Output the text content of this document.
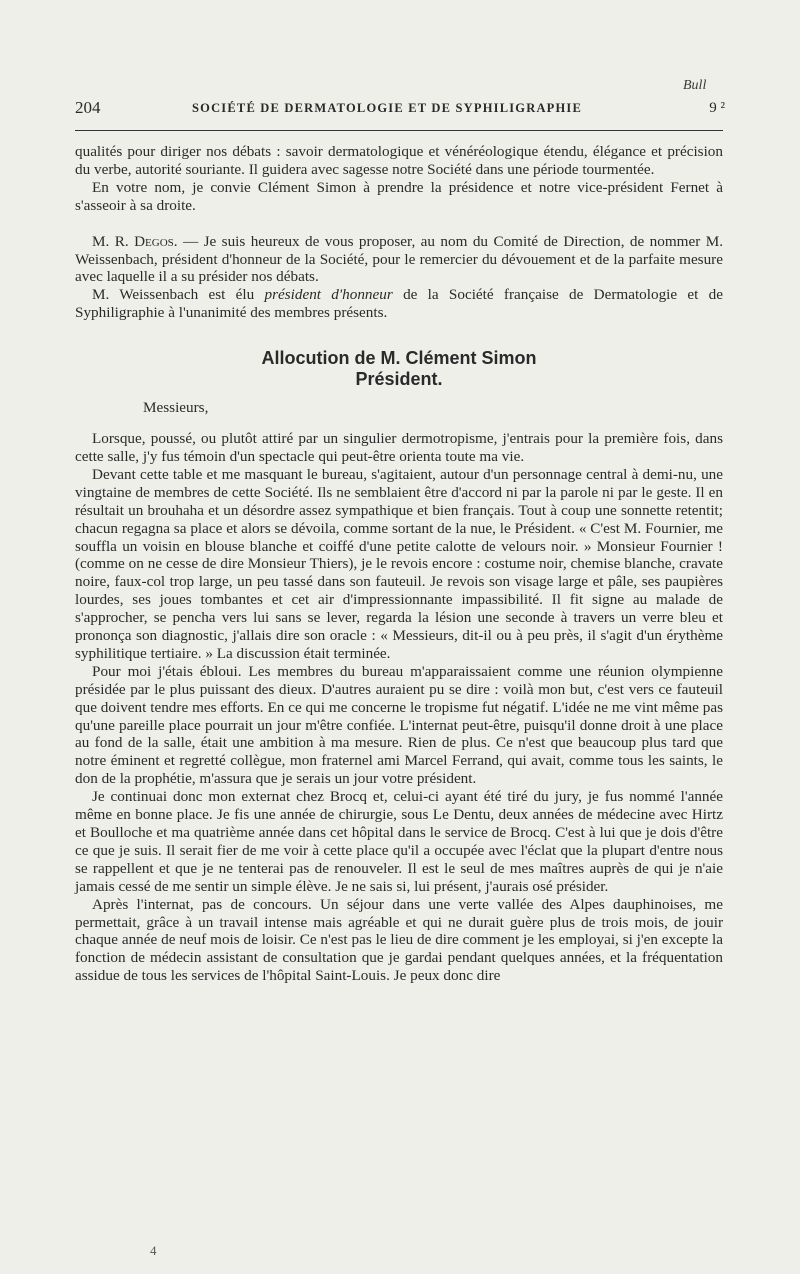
Bull
204	SOCIÉTÉ DE DERMATOLOGIE ET DE SYPHILIGRAPHIE	9 ²

qualités pour diriger nos débats : savoir dermatologique et vénéréologique étendu, élégance et précision du verbe, autorité souriante. Il guidera avec sagesse notre Société dans une période tourmentée.

En votre nom, je convie Clément Simon à prendre la présidence et notre vice-président Fernet à s'asseoir à sa droite.

M. R. Degos. — Je suis heureux de vous proposer, au nom du Comité de Direction, de nommer M. Weissenbach, président d'honneur de la Société, pour le remercier du dévouement et de la parfaite mesure avec laquelle il a su présider nos débats.

M. Weissenbach est élu président d'honneur de la Société française de Dermatologie et de Syphiligraphie à l'unanimité des membres présents.

Allocution de M. Clément Simon
Président.

Messieurs,

Lorsque, poussé, ou plutôt attiré par un singulier dermotropisme, j'entrais pour la première fois, dans cette salle, j'y fus témoin d'un spectacle qui peut-être orienta toute ma vie.

Devant cette table et me masquant le bureau, s'agitaient, autour d'un personnage central à demi-nu, une vingtaine de membres de cette Société. Ils ne semblaient être d'accord ni par la parole ni par le geste. Il en résultait un brouhaha et un désordre assez sympathique et bien français. Tout à coup une sonnette retentit; chacun regagna sa place et alors se dévoila, comme sortant de la nue, le Président. « C'est M. Fournier, me souffla un voisin en blouse blanche et coiffé d'une petite calotte de velours noir. » Monsieur Fournier ! (comme on ne cesse de dire Monsieur Thiers), je le revois encore : costume noir, chemise blanche, cravate noire, faux-col trop large, un peu tassé dans son fauteuil. Je revois son visage large et pâle, ses paupières lourdes, ses joues tombantes et cet air d'impressionnante impassibilité. Il fit signe au malade de s'approcher, se pencha vers lui sans se lever, regarda la lésion une seconde à travers un verre bleu et prononça son diagnostic, j'allais dire son oracle : « Messieurs, dit-il ou à peu près, il s'agit d'un érythème syphilitique tertiaire. » La discussion était terminée.

Pour moi j'étais ébloui. Les membres du bureau m'apparaissaient comme une réunion olympienne présidée par le plus puissant des dieux. D'autres auraient pu se dire : voilà mon but, c'est vers ce fauteuil que doivent tendre mes efforts. En ce qui me concerne le tropisme fut négatif. L'idée ne me vint même pas qu'une pareille place pourrait un jour m'être confiée. L'internat peut-être, puisqu'il donne droit à une place au fond de la salle, était une ambition à ma mesure. Rien de plus. Ce n'est que beaucoup plus tard que notre éminent et regretté collègue, mon fraternel ami Marcel Ferrand, qui avait, comme tous les saints, le don de la prophétie, m'assura que je serais un jour votre président.

Je continuai donc mon externat chez Brocq et, celui-ci ayant été tiré du jury, je fus nommé l'année même en bonne place. Je fis une année de chirurgie, sous Le Dentu, deux années de médecine avec Hirtz et Boulloche et ma quatrième année dans cet hôpital dans le service de Brocq. C'est à lui que je dois d'être ce que je suis. Il serait fier de me voir à cette place qu'il a occupée avec l'éclat que la plupart d'entre nous se rappellent et que je ne tenterai pas de renouveler. Il est le seul de mes maîtres auprès de qui je n'aie jamais cessé de me sentir un simple élève. Je ne sais si, lui présent, j'aurais osé présider.

Après l'internat, pas de concours. Un séjour dans une verte vallée des Alpes dauphinoises, me permettait, grâce à un travail intense mais agréable et qui ne durait guère plus de trois mois, de jouir chaque année de neuf mois de loisir. Ce n'est pas le lieu de dire comment je les employai, si j'en excepte la fonction de médecin assistant de consultation que je gardai pendant quelques années, et la fréquentation assidue de tous les services de l'hôpital Saint-Louis. Je peux donc dire

4
